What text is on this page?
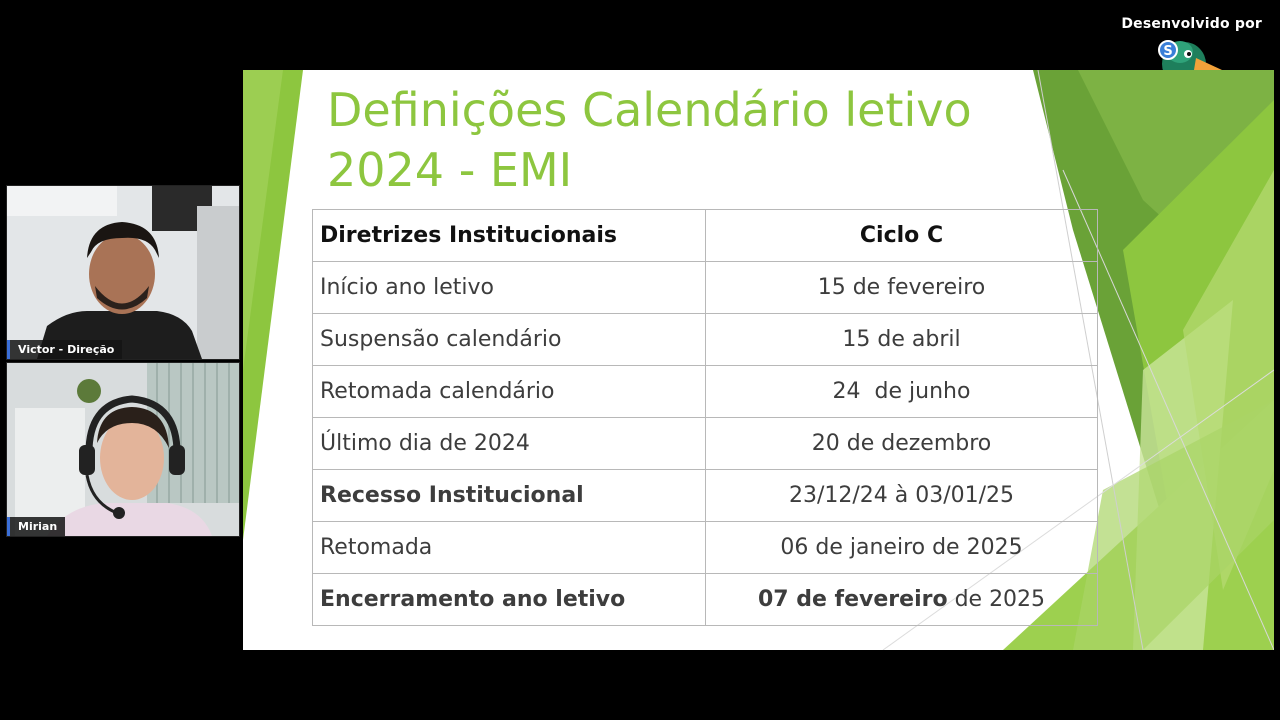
Desenvolvido por
S
Victor - Direção
Mirian
Definições Calendário letivo
2024 - EMI
Diretrizes Institucionais	Ciclo C
Início ano letivo	15 de fevereiro
Suspensão calendário	15 de abril
Retomada calendário	24  de junho
Último dia de 2024	20 de dezembro
Recesso Institucional	23/12/24 à 03/01/25
Retomada	06 de janeiro de 2025
Encerramento ano letivo	07 de fevereiro de 2025
